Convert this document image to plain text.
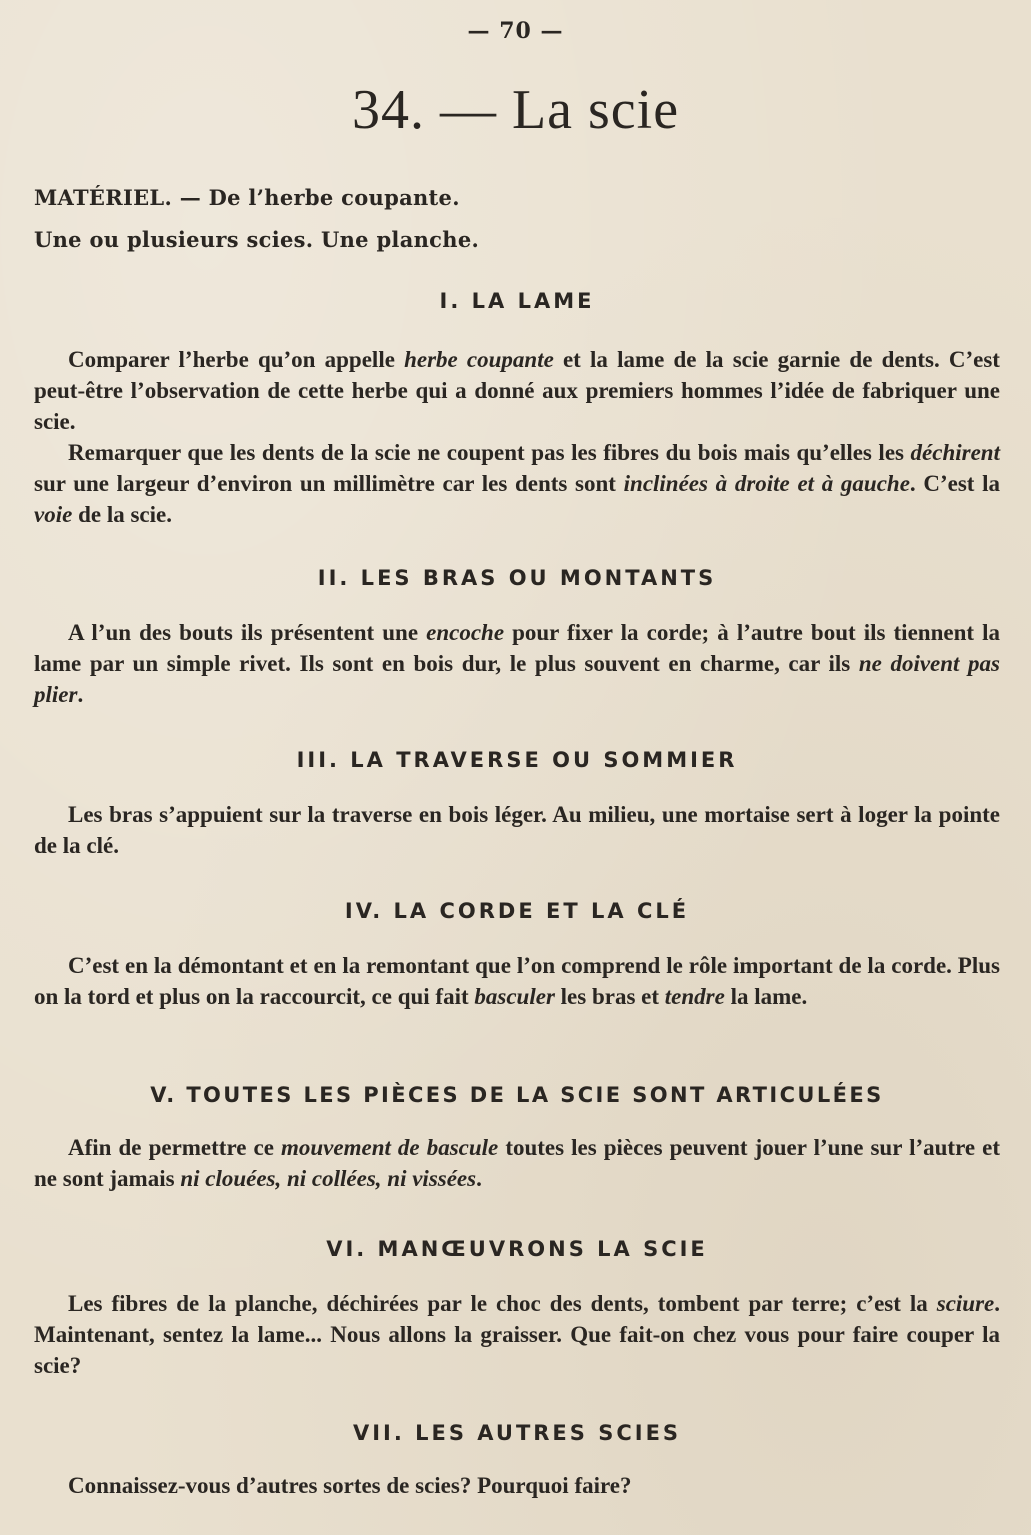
— 70 —
34. — La scie
MATÉRIEL. — De l’herbe coupante.
Une ou plusieurs scies. Une planche.
I. LA LAME

Comparer l’herbe qu’on appelle herbe coupante et la lame de la scie garnie de dents. C’est peut-être l’observation de cette herbe qui a donné aux premiers hommes l’idée de fabriquer une scie.

Remarquer que les dents de la scie ne coupent pas les fibres du bois mais qu’elles les déchirent sur une largeur d’environ un millimètre car les dents sont inclinées à droite et à gauche. C’est la voie de la scie.

II. LES BRAS OU MONTANTS

A l’un des bouts ils présentent une encoche pour fixer la corde; à l’autre bout ils tiennent la lame par un simple rivet. Ils sont en bois dur, le plus souvent en charme, car ils ne doivent pas plier.

III. LA TRAVERSE OU SOMMIER

Les bras s’appuient sur la traverse en bois léger. Au milieu, une mortaise sert à loger la pointe de la clé.

IV. LA CORDE ET LA CLÉ

C’est en la démontant et en la remontant que l’on comprend le rôle important de la corde. Plus on la tord et plus on la raccourcit, ce qui fait basculer les bras et tendre la lame.

V. TOUTES LES PIÈCES DE LA SCIE SONT ARTICULÉES

Afin de permettre ce mouvement de bascule toutes les pièces peuvent jouer l’une sur l’autre et ne sont jamais ni clouées, ni collées, ni vissées.

VI. MANŒUVRONS LA SCIE

Les fibres de la planche, déchirées par le choc des dents, tombent par terre; c’est la sciure. Maintenant, sentez la lame... Nous allons la graisser. Que fait-on chez vous pour faire couper la scie?

VII. LES AUTRES SCIES

Connaissez-vous d’autres sortes de scies? Pourquoi faire?
